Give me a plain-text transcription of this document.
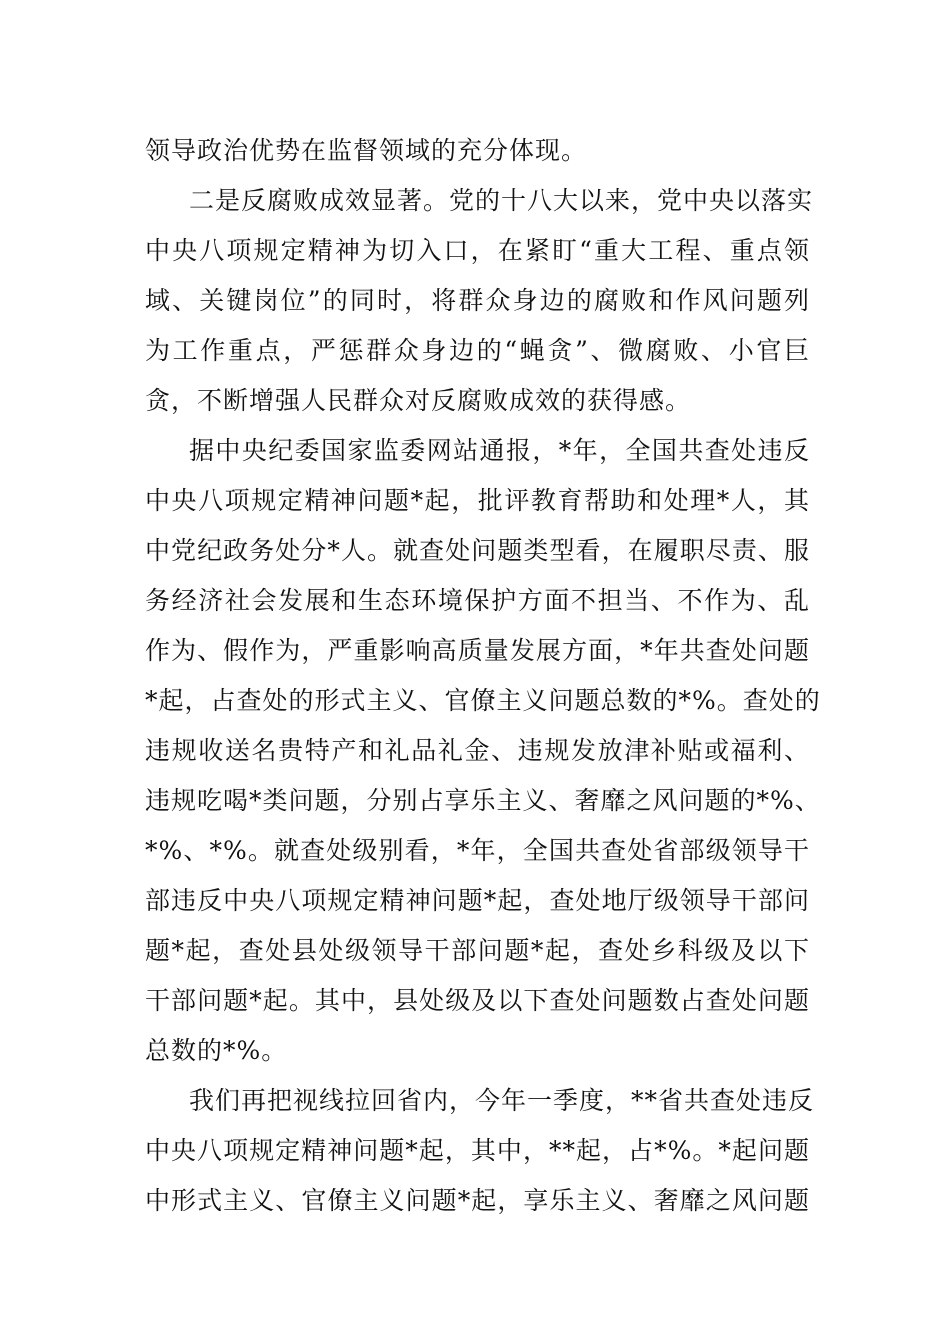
领导政治优势在监督领域的充分体现。
二是反腐败成效显著。党的十八大以来，党中央以落实
中央八项规定精神为切入口，在紧盯“重大工程、重点领
域、关键岗位”的同时，将群众身边的腐败和作风问题列
为工作重点，严惩群众身边的“蝇贪”、微腐败、小官巨
贪，不断增强人民群众对反腐败成效的获得感。
据中央纪委国家监委网站通报，*年，全国共查处违反
中央八项规定精神问题*起，批评教育帮助和处理*人，其
中党纪政务处分*人。就查处问题类型看，在履职尽责、服
务经济社会发展和生态环境保护方面不担当、不作为、乱
作为、假作为，严重影响高质量发展方面，*年共查处问题
*起，占查处的形式主义、官僚主义问题总数的*%。查处的
违规收送名贵特产和礼品礼金、违规发放津补贴或福利、
违规吃喝*类问题，分别占享乐主义、奢靡之风问题的*%、
*%、*%。就查处级别看，*年，全国共查处省部级领导干
部违反中央八项规定精神问题*起，查处地厅级领导干部问
题*起，查处县处级领导干部问题*起，查处乡科级及以下
干部问题*起。其中，县处级及以下查处问题数占查处问题
总数的*%。
我们再把视线拉回省内，今年一季度，**省共查处违反
中央八项规定精神问题*起，其中，**起，占*%。*起问题
中形式主义、官僚主义问题*起，享乐主义、奢靡之风问题
